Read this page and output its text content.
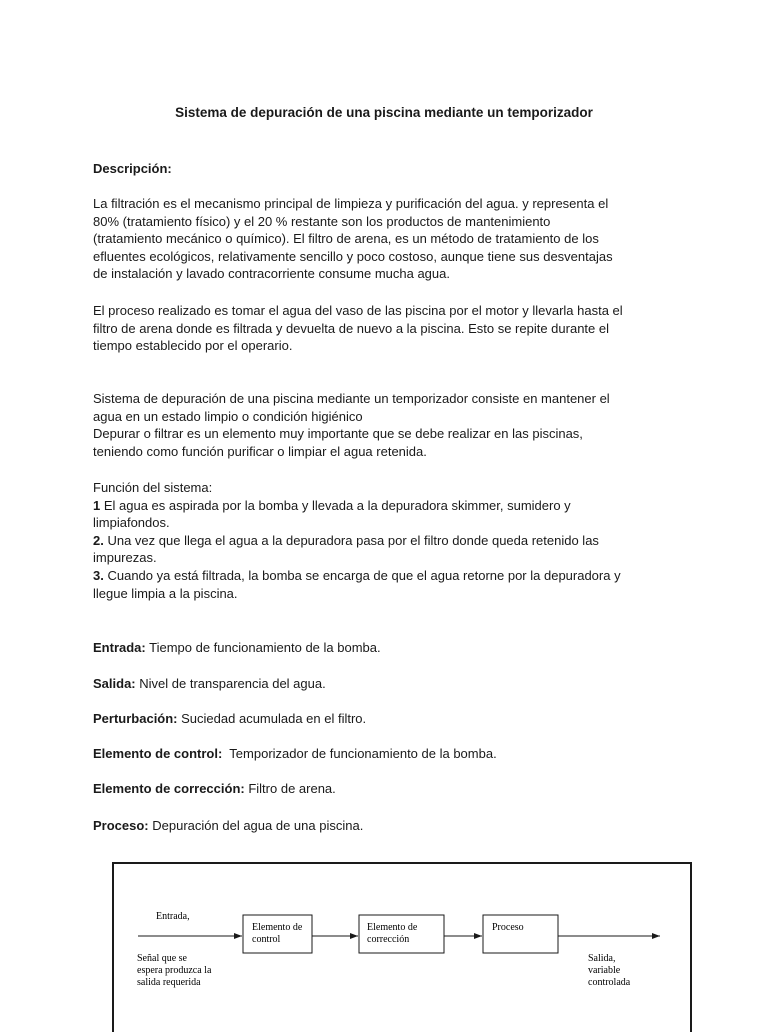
Sistema de depuración de una piscina mediante un temporizador
Descripción:
La filtración es el mecanismo principal de limpieza y purificación del agua. y representa el
80% (tratamiento físico) y el 20 % restante son los productos de mantenimiento
(tratamiento mecánico o químico). El filtro de arena, es un método de tratamiento de los
efluentes ecológicos, relativamente sencillo y poco costoso, aunque tiene sus desventajas
de instalación y lavado contracorriente consume mucha agua.
El proceso realizado es tomar el agua del vaso de las piscina por el motor y llevarla hasta el
filtro de arena donde es filtrada y devuelta de nuevo a la piscina. Esto se repite durante el
tiempo establecido por el operario.
Sistema de depuración de una piscina mediante un temporizador consiste en mantener el
agua en un estado limpio o condición higiénico
Depurar o filtrar es un elemento muy importante que se debe realizar en las piscinas,
teniendo como función purificar o limpiar el agua retenida.
Función del sistema:
1 El agua es aspirada por la bomba y llevada a la depuradora skimmer, sumidero y
limpiafondos.
2. Una vez que llega el agua a la depuradora pasa por el filtro donde queda retenido las
impurezas.
3. Cuando ya está filtrada, la bomba se encarga de que el agua retorne por la depuradora y
llegue limpia a la piscina.
Entrada: Tiempo de funcionamiento de la bomba.
Salida: Nivel de transparencia del agua.
Perturbación: Suciedad acumulada en el filtro.
Elemento de control: Temporizador de funcionamiento de la bomba.
Elemento de corrección: Filtro de arena.
Proceso: Depuración del agua de una piscina.
Entrada,
Señal que se
espera produzca la
salida requerida
Elemento de
control
Elemento de
corrección
Proceso
Salida,
variable
controlada
